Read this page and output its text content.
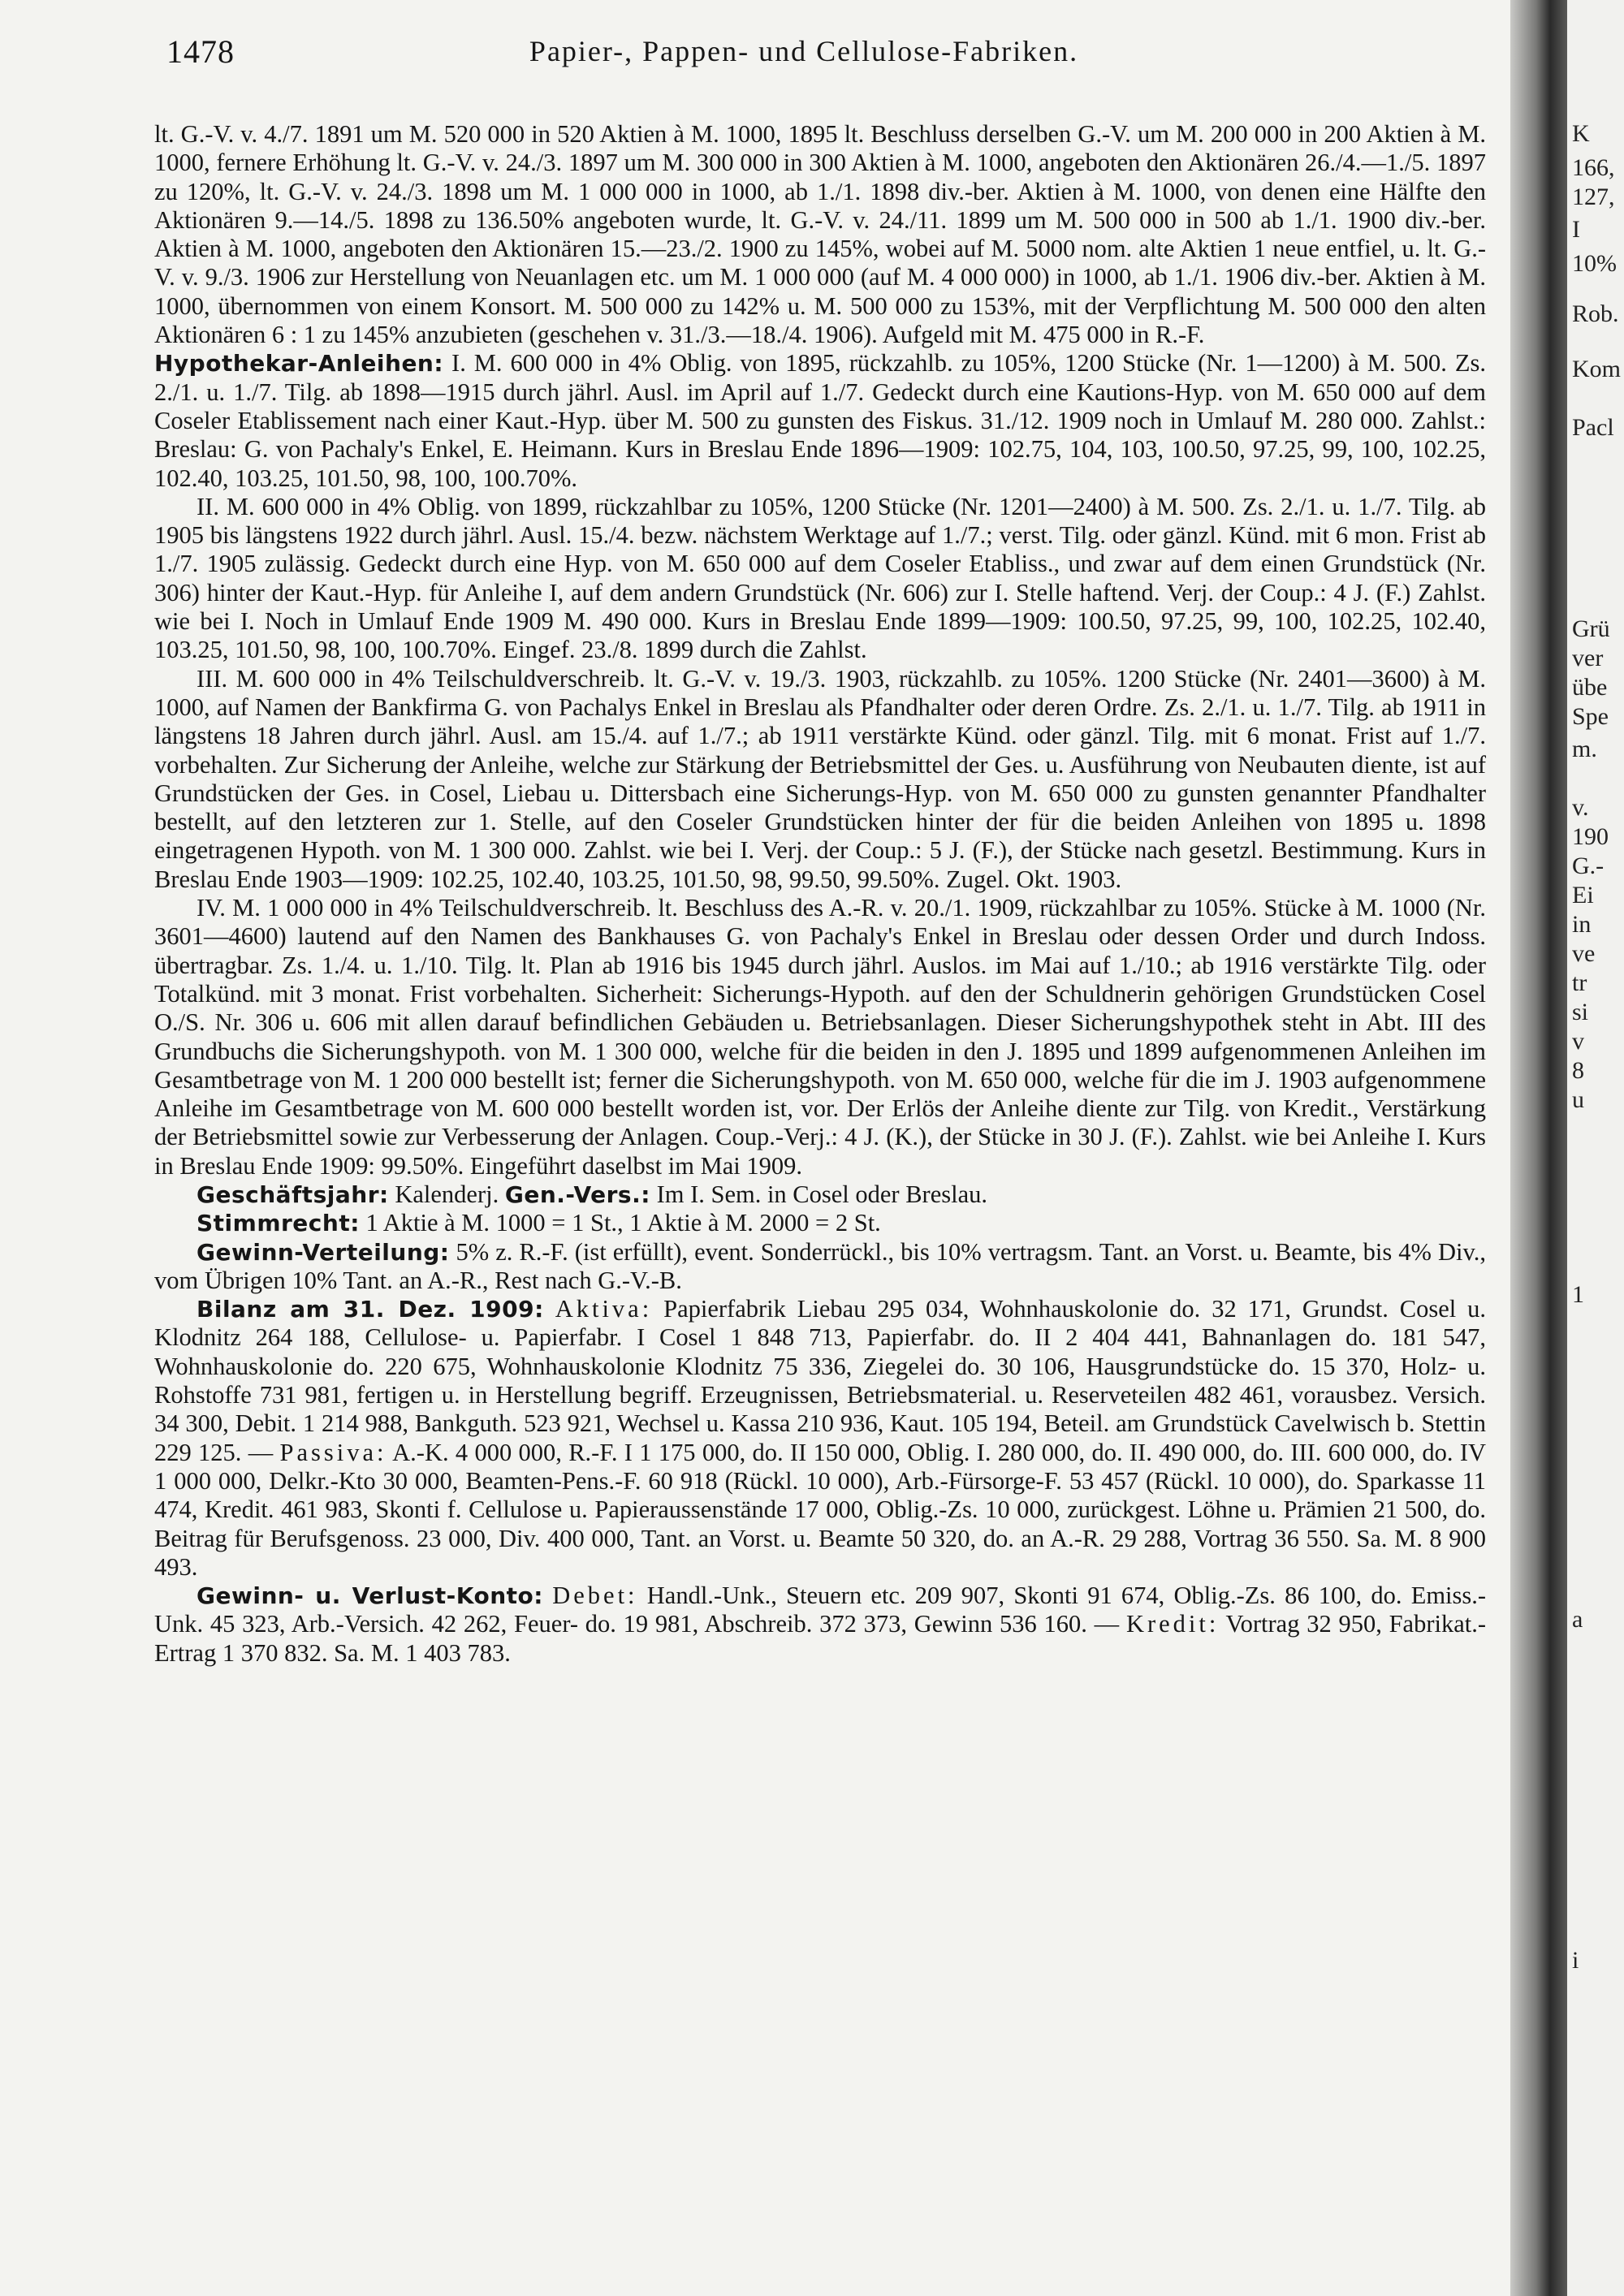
1478	Papier-, Pappen- und Cellulose-Fabriken.

lt. G.-V. v. 4./7. 1891 um M. 520 000 in 520 Aktien à M. 1000, 1895 lt. Beschluss derselben G.-V. um M. 200 000 in 200 Aktien à M. 1000, fernere Erhöhung lt. G.-V. v. 24./3. 1897 um M. 300 000 in 300 Aktien à M. 1000, angeboten den Aktionären 26./4.—1./5. 1897 zu 120%, lt. G.-V. v. 24./3. 1898 um M. 1 000 000 in 1000, ab 1./1. 1898 div.-ber. Aktien à M. 1000, von denen eine Hälfte den Aktionären 9.—14./5. 1898 zu 136.50% angeboten wurde, lt. G.-V. v. 24./11. 1899 um M. 500 000 in 500 ab 1./1. 1900 div.-ber. Aktien à M. 1000, angeboten den Aktionären 15.—23./2. 1900 zu 145%, wobei auf M. 5000 nom. alte Aktien 1 neue entfiel, u. lt. G.-V. v. 9./3. 1906 zur Herstellung von Neuanlagen etc. um M. 1 000 000 (auf M. 4 000 000) in 1000, ab 1./1. 1906 div.-ber. Aktien à M. 1000, übernommen von einem Konsort. M. 500 000 zu 142% u. M. 500 000 zu 153%, mit der Verpflichtung M. 500 000 den alten Aktionären 6 : 1 zu 145% anzubieten (geschehen v. 31./3.—18./4. 1906). Aufgeld mit M. 475 000 in R.-F.

Hypothekar-Anleihen: I. M. 600 000 in 4% Oblig. von 1895, rückzahlb. zu 105%, 1200 Stücke (Nr. 1—1200) à M. 500. Zs. 2./1. u. 1./7. Tilg. ab 1898—1915 durch jährl. Ausl. im April auf 1./7. Gedeckt durch eine Kautions-Hyp. von M. 650 000 auf dem Coseler Etablissement nach einer Kaut.-Hyp. über M. 500 zu gunsten des Fiskus. 31./12. 1909 noch in Umlauf M. 280 000. Zahlst.: Breslau: G. von Pachaly's Enkel, E. Heimann. Kurs in Breslau Ende 1896—1909: 102.75, 104, 103, 100.50, 97.25, 99, 100, 102.25, 102.40, 103.25, 101.50, 98, 100, 100.70%.

II. M. 600 000 in 4% Oblig. von 1899, rückzahlbar zu 105%, 1200 Stücke (Nr. 1201—2400) à M. 500. Zs. 2./1. u. 1./7. Tilg. ab 1905 bis längstens 1922 durch jährl. Ausl. 15./4. bezw. nächstem Werktage auf 1./7.; verst. Tilg. oder gänzl. Künd. mit 6 mon. Frist ab 1./7. 1905 zulässig. Gedeckt durch eine Hyp. von M. 650 000 auf dem Coseler Etabliss., und zwar auf dem einen Grundstück (Nr. 306) hinter der Kaut.-Hyp. für Anleihe I, auf dem andern Grundstück (Nr. 606) zur I. Stelle haftend. Verj. der Coup.: 4 J. (F.) Zahlst. wie bei I. Noch in Umlauf Ende 1909 M. 490 000. Kurs in Breslau Ende 1899—1909: 100.50, 97.25, 99, 100, 102.25, 102.40, 103.25, 101.50, 98, 100, 100.70%. Eingef. 23./8. 1899 durch die Zahlst.

III. M. 600 000 in 4% Teilschuldverschreib. lt. G.-V. v. 19./3. 1903, rückzahlb. zu 105%. 1200 Stücke (Nr. 2401—3600) à M. 1000, auf Namen der Bankfirma G. von Pachalys Enkel in Breslau als Pfandhalter oder deren Ordre. Zs. 2./1. u. 1./7. Tilg. ab 1911 in längstens 18 Jahren durch jährl. Ausl. am 15./4. auf 1./7.; ab 1911 verstärkte Künd. oder gänzl. Tilg. mit 6 monat. Frist auf 1./7. vorbehalten. Zur Sicherung der Anleihe, welche zur Stärkung der Betriebsmittel der Ges. u. Ausführung von Neubauten diente, ist auf Grundstücken der Ges. in Cosel, Liebau u. Dittersbach eine Sicherungs-Hyp. von M. 650 000 zu gunsten genannter Pfandhalter bestellt, auf den letzteren zur 1. Stelle, auf den Coseler Grundstücken hinter der für die beiden Anleihen von 1895 u. 1898 eingetragenen Hypoth. von M. 1 300 000. Zahlst. wie bei I. Verj. der Coup.: 5 J. (F.), der Stücke nach gesetzl. Bestimmung. Kurs in Breslau Ende 1903—1909: 102.25, 102.40, 103.25, 101.50, 98, 99.50, 99.50%. Zugel. Okt. 1903.

IV. M. 1 000 000 in 4% Teilschuldverschreib. lt. Beschluss des A.-R. v. 20./1. 1909, rückzahlbar zu 105%. Stücke à M. 1000 (Nr. 3601—4600) lautend auf den Namen des Bankhauses G. von Pachaly's Enkel in Breslau oder dessen Order und durch Indoss. übertragbar. Zs. 1./4. u. 1./10. Tilg. lt. Plan ab 1916 bis 1945 durch jährl. Auslos. im Mai auf 1./10.; ab 1916 verstärkte Tilg. oder Totalkünd. mit 3 monat. Frist vorbehalten. Sicherheit: Sicherungs-Hypoth. auf den der Schuldnerin gehörigen Grundstücken Cosel O./S. Nr. 306 u. 606 mit allen darauf befindlichen Gebäuden u. Betriebsanlagen. Dieser Sicherungshypothek steht in Abt. III des Grundbuchs die Sicherungshypoth. von M. 1 300 000, welche für die beiden in den J. 1895 und 1899 aufgenommenen Anleihen im Gesamtbetrage von M. 1 200 000 bestellt ist; ferner die Sicherungshypoth. von M. 650 000, welche für die im J. 1903 aufgenommene Anleihe im Gesamtbetrage von M. 600 000 bestellt worden ist, vor. Der Erlös der Anleihe diente zur Tilg. von Kredit., Verstärkung der Betriebsmittel sowie zur Verbesserung der Anlagen. Coup.-Verj.: 4 J. (K.), der Stücke in 30 J. (F.). Zahlst. wie bei Anleihe I. Kurs in Breslau Ende 1909: 99.50%. Eingeführt daselbst im Mai 1909.

Geschäftsjahr: Kalenderj. Gen.-Vers.: Im I. Sem. in Cosel oder Breslau.

Stimmrecht: 1 Aktie à M. 1000 = 1 St., 1 Aktie à M. 2000 = 2 St.

Gewinn-Verteilung: 5% z. R.-F. (ist erfüllt), event. Sonderrückl., bis 10% vertragsm. Tant. an Vorst. u. Beamte, bis 4% Div., vom Übrigen 10% Tant. an A.-R., Rest nach G.-V.-B.

Bilanz am 31. Dez. 1909: Aktiva: Papierfabrik Liebau 295 034, Wohnhauskolonie do. 32 171, Grundst. Cosel u. Klodnitz 264 188, Cellulose- u. Papierfabr. I Cosel 1 848 713, Papierfabr. do. II 2 404 441, Bahnanlagen do. 181 547, Wohnhauskolonie do. 220 675, Wohnhauskolonie Klodnitz 75 336, Ziegelei do. 30 106, Hausgrundstücke do. 15 370, Holz- u. Rohstoffe 731 981, fertigen u. in Herstellung begriff. Erzeugnissen, Betriebsmaterial. u. Reserveteilen 482 461, vorausbez. Versich. 34 300, Debit. 1 214 988, Bankguth. 523 921, Wechsel u. Kassa 210 936, Kaut. 105 194, Beteil. am Grundstück Cavelwisch b. Stettin 229 125. — Passiva: A.-K. 4 000 000, R.-F. I 1 175 000, do. II 150 000, Oblig. I. 280 000, do. II. 490 000, do. III. 600 000, do. IV 1 000 000, Delkr.-Kto 30 000, Beamten-Pens.-F. 60 918 (Rückl. 10 000), Arb.-Fürsorge-F. 53 457 (Rückl. 10 000), do. Sparkasse 11 474, Kredit. 461 983, Skonti f. Cellulose u. Papieraussenstände 17 000, Oblig.-Zs. 10 000, zurückgest. Löhne u. Prämien 21 500, do. Beitrag für Berufsgenoss. 23 000, Div. 400 000, Tant. an Vorst. u. Beamte 50 320, do. an A.-R. 29 288, Vortrag 36 550. Sa. M. 8 900 493.

Gewinn- u. Verlust-Konto: Debet: Handl.-Unk., Steuern etc. 209 907, Skonti 91 674, Oblig.-Zs. 86 100, do. Emiss.-Unk. 45 323, Arb.-Versich. 42 262, Feuer- do. 19 981, Abschreib. 372 373, Gewinn 536 160. — Kredit: Vortrag 32 950, Fabrikat.-Ertrag 1 370 832. Sa. M. 1 403 783.

K
166,
127,
I
10%
Rob.
Kom
Pacl
Grü
ver
übe
Spe
m.
v.
190
G.-
Ei
in
ve
tr
si
v
8
u
1
a
i
